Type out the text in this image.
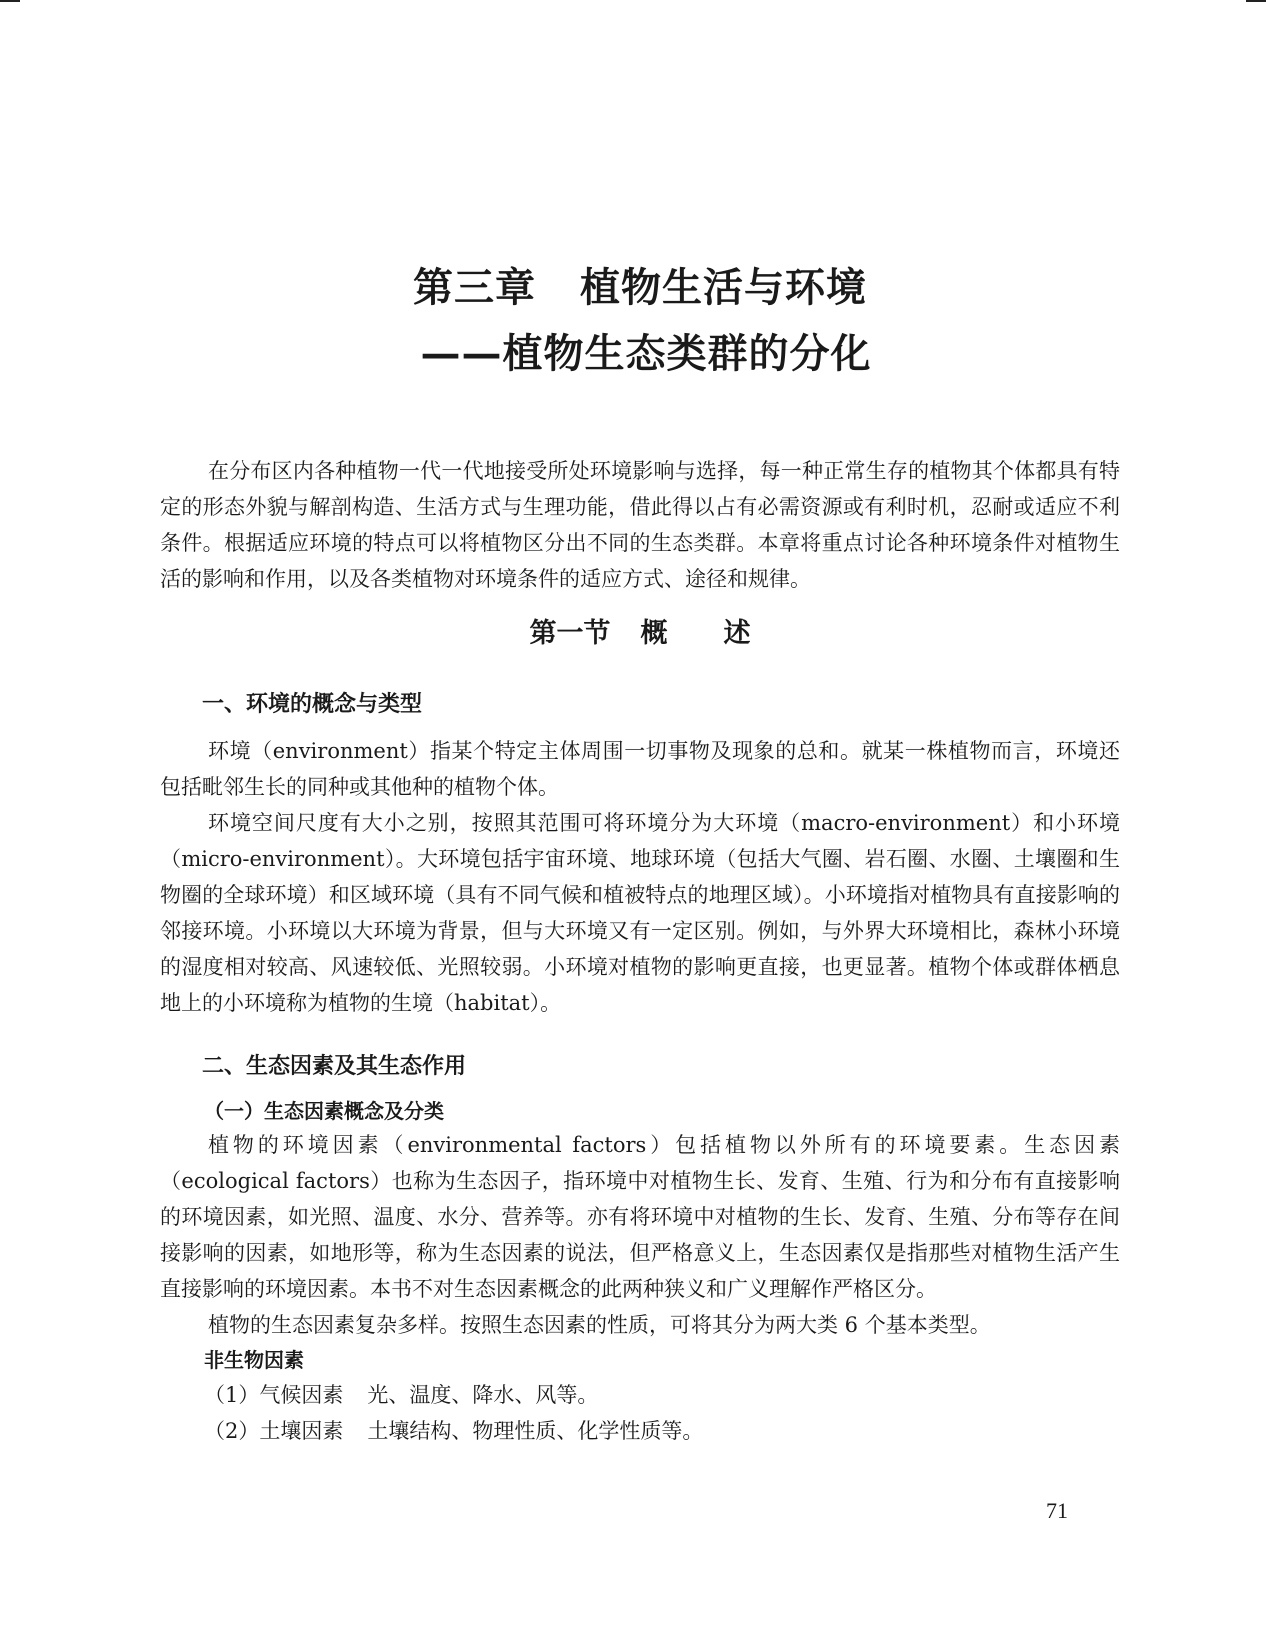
第三章 植物生活与环境
——植物生态类群的分化

在分布区内各种植物一代一代地接受所处环境影响与选择，每一种正常生存的植物其个体都具有特定的形态外貌与解剖构造、生活方式与生理功能，借此得以占有必需资源或有利时机，忍耐或适应不利条件。根据适应环境的特点可以将植物区分出不同的生态类群。本章将重点讨论各种环境条件对植物生活的影响和作用，以及各类植物对环境条件的适应方式、途径和规律。

第一节 概 述
一、环境的概念与类型

环境（environment）指某个特定主体周围一切事物及现象的总和。就某一株植物而言，环境还包括毗邻生长的同种或其他种的植物个体。

环境空间尺度有大小之别，按照其范围可将环境分为大环境（macro-environment）和小环境（micro-environment）。大环境包括宇宙环境、地球环境（包括大气圈、岩石圈、水圈、土壤圈和生物圈的全球环境）和区域环境（具有不同气候和植被特点的地理区域）。小环境指对植物具有直接影响的邻接环境。小环境以大环境为背景，但与大环境又有一定区别。例如，与外界大环境相比，森林小环境的湿度相对较高、风速较低、光照较弱。小环境对植物的影响更直接，也更显著。植物个体或群体栖息地上的小环境称为植物的生境（habitat）。

二、生态因素及其生态作用
（一）生态因素概念及分类

植物的环境因素（environmental factors）包括植物以外所有的环境要素。生态因素（ecological factors）也称为生态因子，指环境中对植物生长、发育、生殖、行为和分布有直接影响的环境因素，如光照、温度、水分、营养等。亦有将环境中对植物的生长、发育、生殖、分布等存在间接影响的因素，如地形等，称为生态因素的说法，但严格意义上，生态因素仅是指那些对植物生活产生直接影响的环境因素。本书不对生态因素概念的此两种狭义和广义理解作严格区分。

植物的生态因素复杂多样。按照生态因素的性质，可将其分为两大类 6 个基本类型。

非生物因素
（1）气候因素 光、温度、降水、风等。
（2）土壤因素 土壤结构、物理性质、化学性质等。
71
